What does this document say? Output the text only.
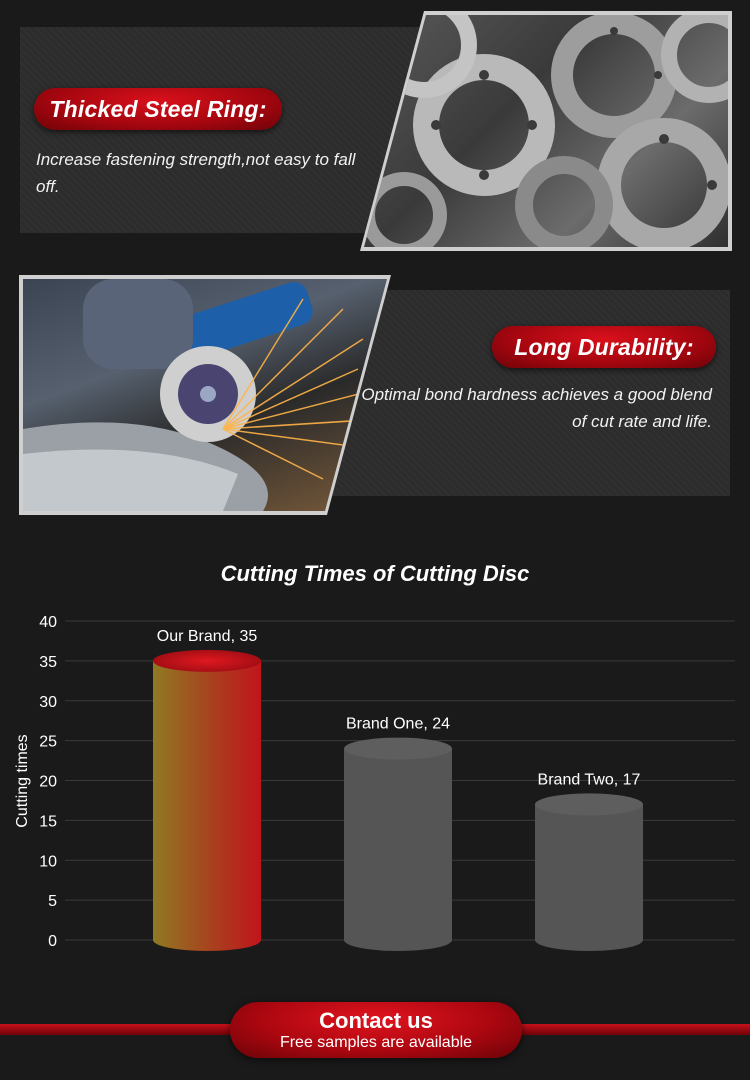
Thicked Steel Ring:
Increase fastening strength,not easy to fall off.
Long Durability:
Optimal bond hardness achieves a good blend of cut rate and life.
Cutting Times of Cutting Disc
0
5
10
15
20
25
30
35
40
Our Brand, 35
Brand One, 24
Brand Two, 17
Cutting times
Contact us
Free samples are available
